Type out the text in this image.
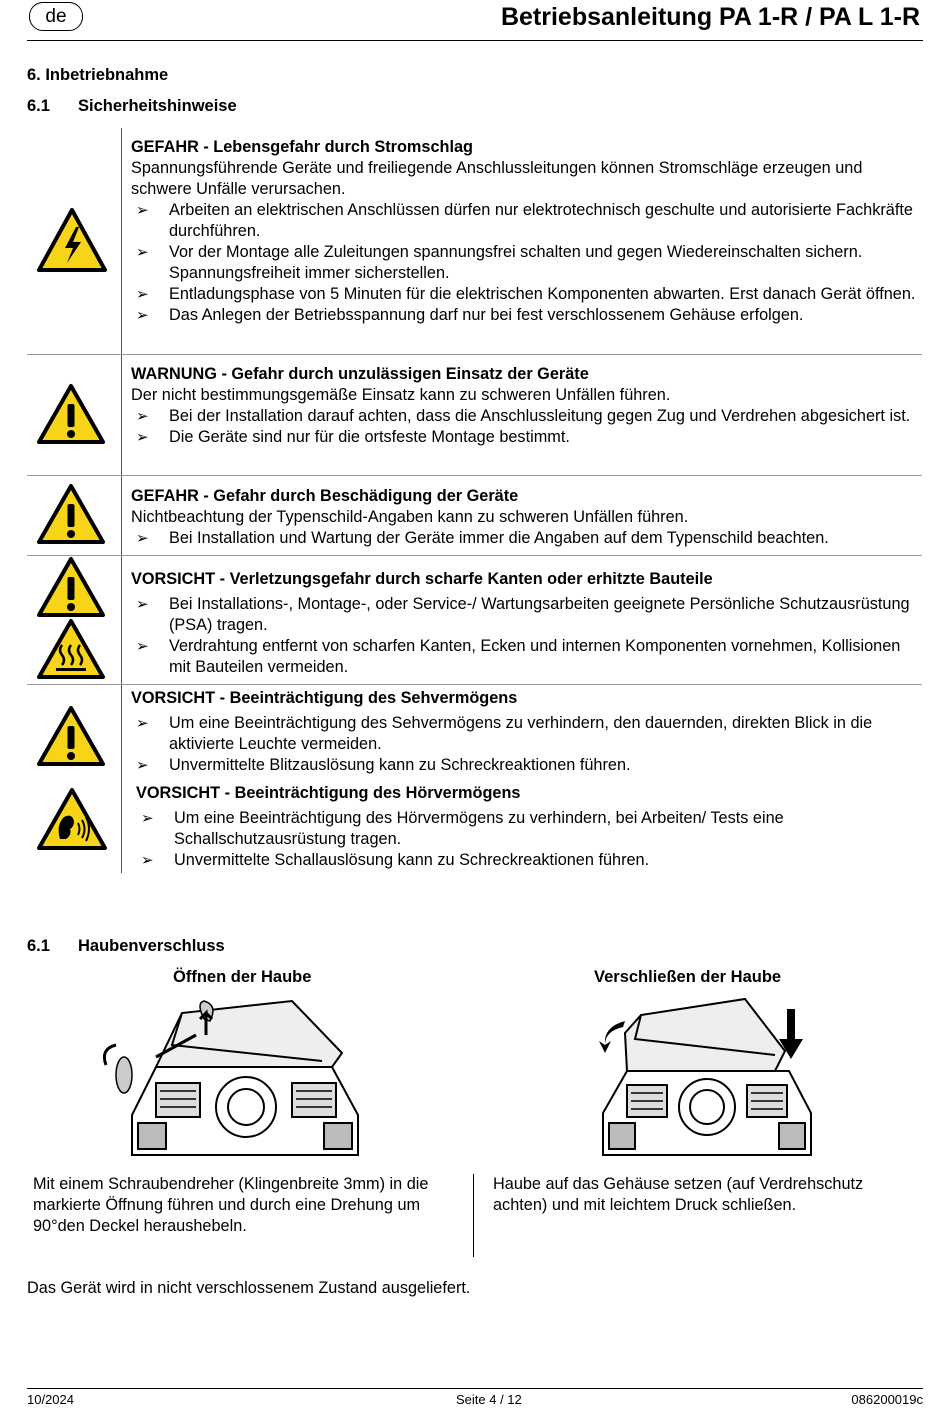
de	Betriebsanleitung PA 1-R / PA L 1-R
6. Inbetriebnahme
6.1 Sicherheitshinweise
GEFAHR - Lebensgefahr durch Stromschlag
Spannungsführende Geräte und freiliegende Anschlussleitungen können Stromschläge erzeugen und schwere Unfälle verursachen.
➢ Arbeiten an elektrischen Anschlüssen dürfen nur elektrotechnisch geschulte und autorisierte Fachkräfte durchführen.
➢ Vor der Montage alle Zuleitungen spannungsfrei schalten und gegen Wiedereinschalten sichern. Spannungsfreiheit immer sicherstellen.
➢ Entladungsphase von 5 Minuten für die elektrischen Komponenten abwarten. Erst danach Gerät öffnen.
➢ Das Anlegen der Betriebsspannung darf nur bei fest verschlossenem Gehäuse erfolgen.
WARNUNG - Gefahr durch unzulässigen Einsatz der Geräte
Der nicht bestimmungsgemäße Einsatz kann zu schweren Unfällen führen.
➢ Bei der Installation darauf achten, dass die Anschlussleitung gegen Zug und Verdrehen abgesichert ist.
➢ Die Geräte sind nur für die ortsfeste Montage bestimmt.
GEFAHR - Gefahr durch Beschädigung der Geräte
Nichtbeachtung der Typenschild-Angaben kann zu schweren Unfällen führen.
➢ Bei Installation und Wartung der Geräte immer die Angaben auf dem Typenschild beachten.
VORSICHT - Verletzungsgefahr durch scharfe Kanten oder erhitzte Bauteile
➢ Bei Installations-, Montage-, oder Service-/ Wartungsarbeiten geeignete Persönliche Schutzausrüstung (PSA) tragen.
➢ Verdrahtung entfernt von scharfen Kanten, Ecken und internen Komponenten vornehmen, Kollisionen mit Bauteilen vermeiden.
VORSICHT - Beeinträchtigung des Sehvermögens
➢ Um eine Beeinträchtigung des Sehvermögens zu verhindern, den dauernden, direkten Blick in die aktivierte Leuchte vermeiden.
➢ Unvermittelte Blitzauslösung kann zu Schreckreaktionen führen.
VORSICHT - Beeinträchtigung des Hörvermögens
➢ Um eine Beeinträchtigung des Hörvermögens zu verhindern, bei Arbeiten/ Tests eine Schallschutzausrüstung tragen.
➢ Unvermittelte Schallauslösung kann zu Schreckreaktionen führen.
6.1 Haubenverschluss
Öffnen der Haube	Verschließen der Haube
Mit einem Schraubendreher (Klingenbreite 3mm) in die markierte Öffnung führen und durch eine Drehung um 90°den Deckel heraushebeln.
Haube auf das Gehäuse setzen (auf Verdrehschutz achten) und mit leichtem Druck schließen.
Das Gerät wird in nicht verschlossenem Zustand ausgeliefert.
10/2024	Seite 4 / 12	086200019c
